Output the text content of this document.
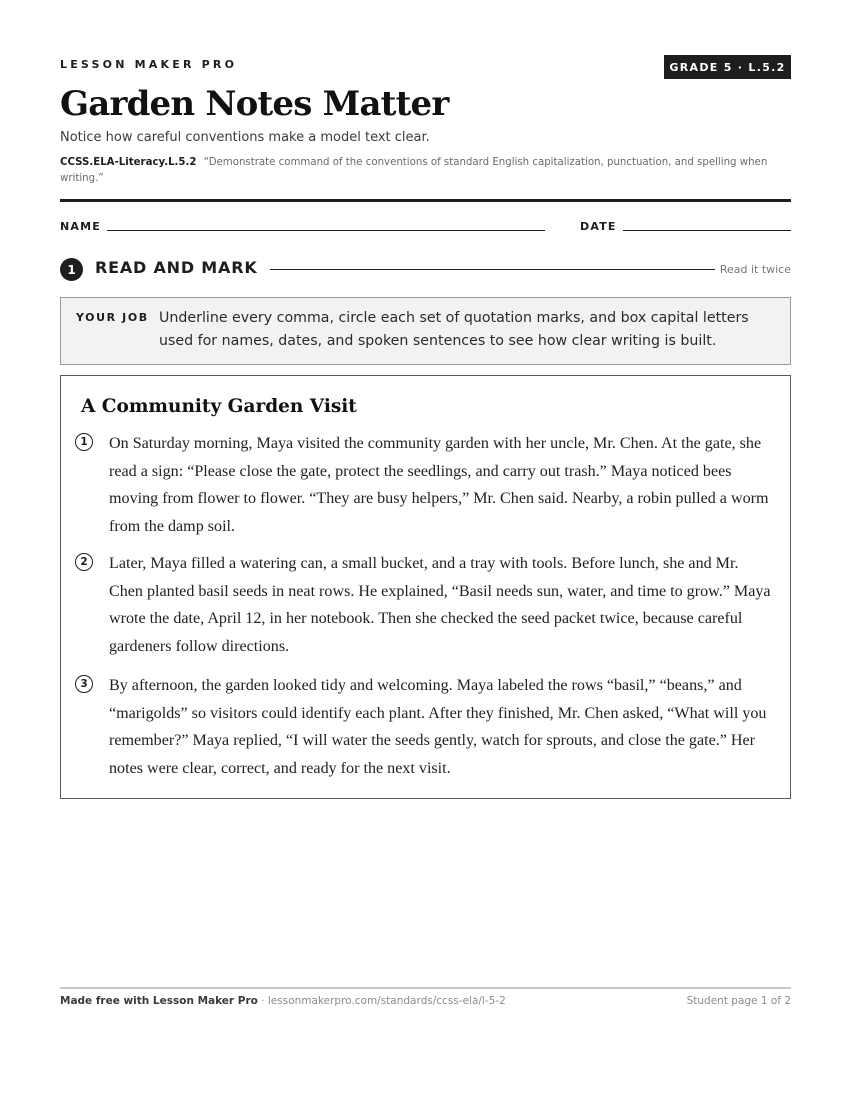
LESSON MAKER PRO	GRADE 5 · L.5.2
Garden Notes Matter
Notice how careful conventions make a model text clear.
CCSS.ELA-Literacy.L.5.2 “Demonstrate command of the conventions of standard English capitalization, punctuation, and spelling when writing.”
NAME	DATE
1	READ AND MARK	Read it twice
YOUR JOB Underline every comma, circle each set of quotation marks, and box capital letters used for names, dates, and spoken sentences to see how clear writing is built.
A Community Garden Visit
1	On Saturday morning, Maya visited the community garden with her uncle, Mr. Chen. At the gate, she read a sign: “Please close the gate, protect the seedlings, and carry out trash.” Maya noticed bees moving from flower to flower. “They are busy helpers,” Mr. Chen said. Nearby, a robin pulled a worm from the damp soil.
2	Later, Maya filled a watering can, a small bucket, and a tray with tools. Before lunch, she and Mr. Chen planted basil seeds in neat rows. He explained, “Basil needs sun, water, and time to grow.” Maya wrote the date, April 12, in her notebook. Then she checked the seed packet twice, because careful gardeners follow directions.
3	By afternoon, the garden looked tidy and welcoming. Maya labeled the rows “basil,” “beans,” and “marigolds” so visitors could identify each plant. After they finished, Mr. Chen asked, “What will you remember?” Maya replied, “I will water the seeds gently, watch for sprouts, and close the gate.” Her notes were clear, correct, and ready for the next visit.
Made free with Lesson Maker Pro · lessonmakerpro.com/standards/ccss-ela/l-5-2	Student page 1 of 2
